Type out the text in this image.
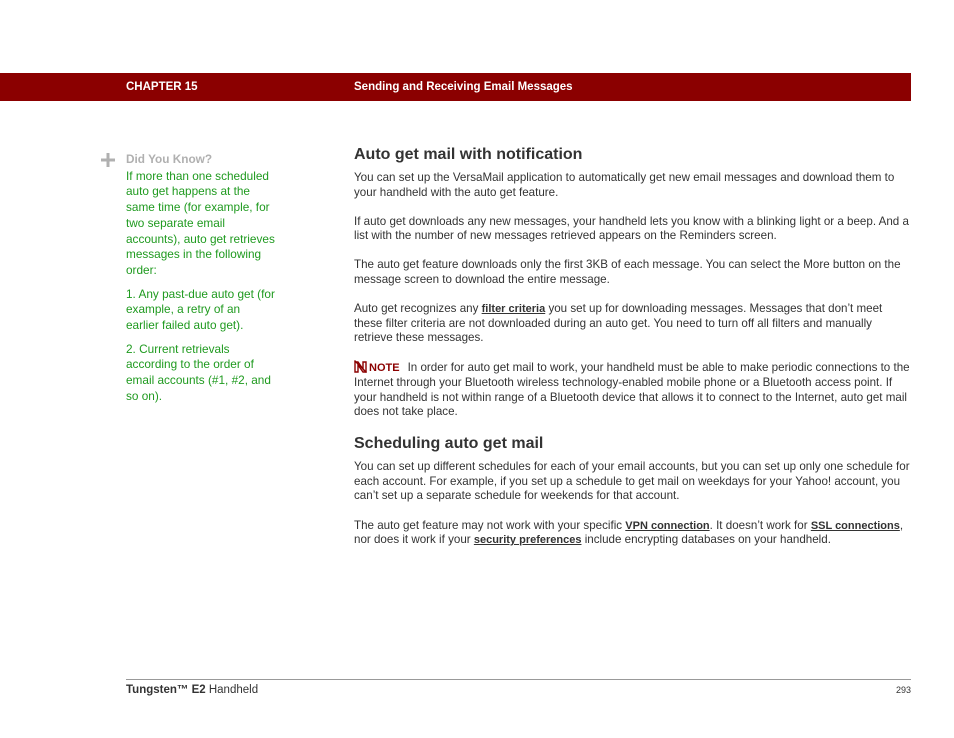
CHAPTER 15	Sending and Receiving Email Messages
Did You Know?

If more than one scheduled auto get happens at the same time (for example, for two separate email accounts), auto get retrieves messages in the following order:

1. Any past-due auto get (for example, a retry of an earlier failed auto get).

2. Current retrievals according to the order of email accounts (#1, #2, and so on).

Auto get mail with notification

You can set up the VersaMail application to automatically get new email messages and download them to your handheld with the auto get feature.

If auto get downloads any new messages, your handheld lets you know with a blinking light or a beep. And a list with the number of new messages retrieved appears on the Reminders screen.

The auto get feature downloads only the first 3KB of each message. You can select the More button on the message screen to download the entire message.

Auto get recognizes any filter criteria you set up for downloading messages. Messages that don’t meet these filter criteria are not downloaded during an auto get. You need to turn off all filters and manually retrieve these messages.

NOTE In order for auto get mail to work, your handheld must be able to make periodic connections to the Internet through your Bluetooth wireless technology-enabled mobile phone or a Bluetooth access point. If your handheld is not within range of a Bluetooth device that allows it to connect to the Internet, auto get mail does not take place.

Scheduling auto get mail

You can set up different schedules for each of your email accounts, but you can set up only one schedule for each account. For example, if you set up a schedule to get mail on weekdays for your Yahoo! account, you can’t set up a separate schedule for weekends for that account.

The auto get feature may not work with your specific VPN connection. It doesn’t work for SSL connections, nor does it work if your security preferences include encrypting databases on your handheld.

Tungsten™ E2 Handheld	293
